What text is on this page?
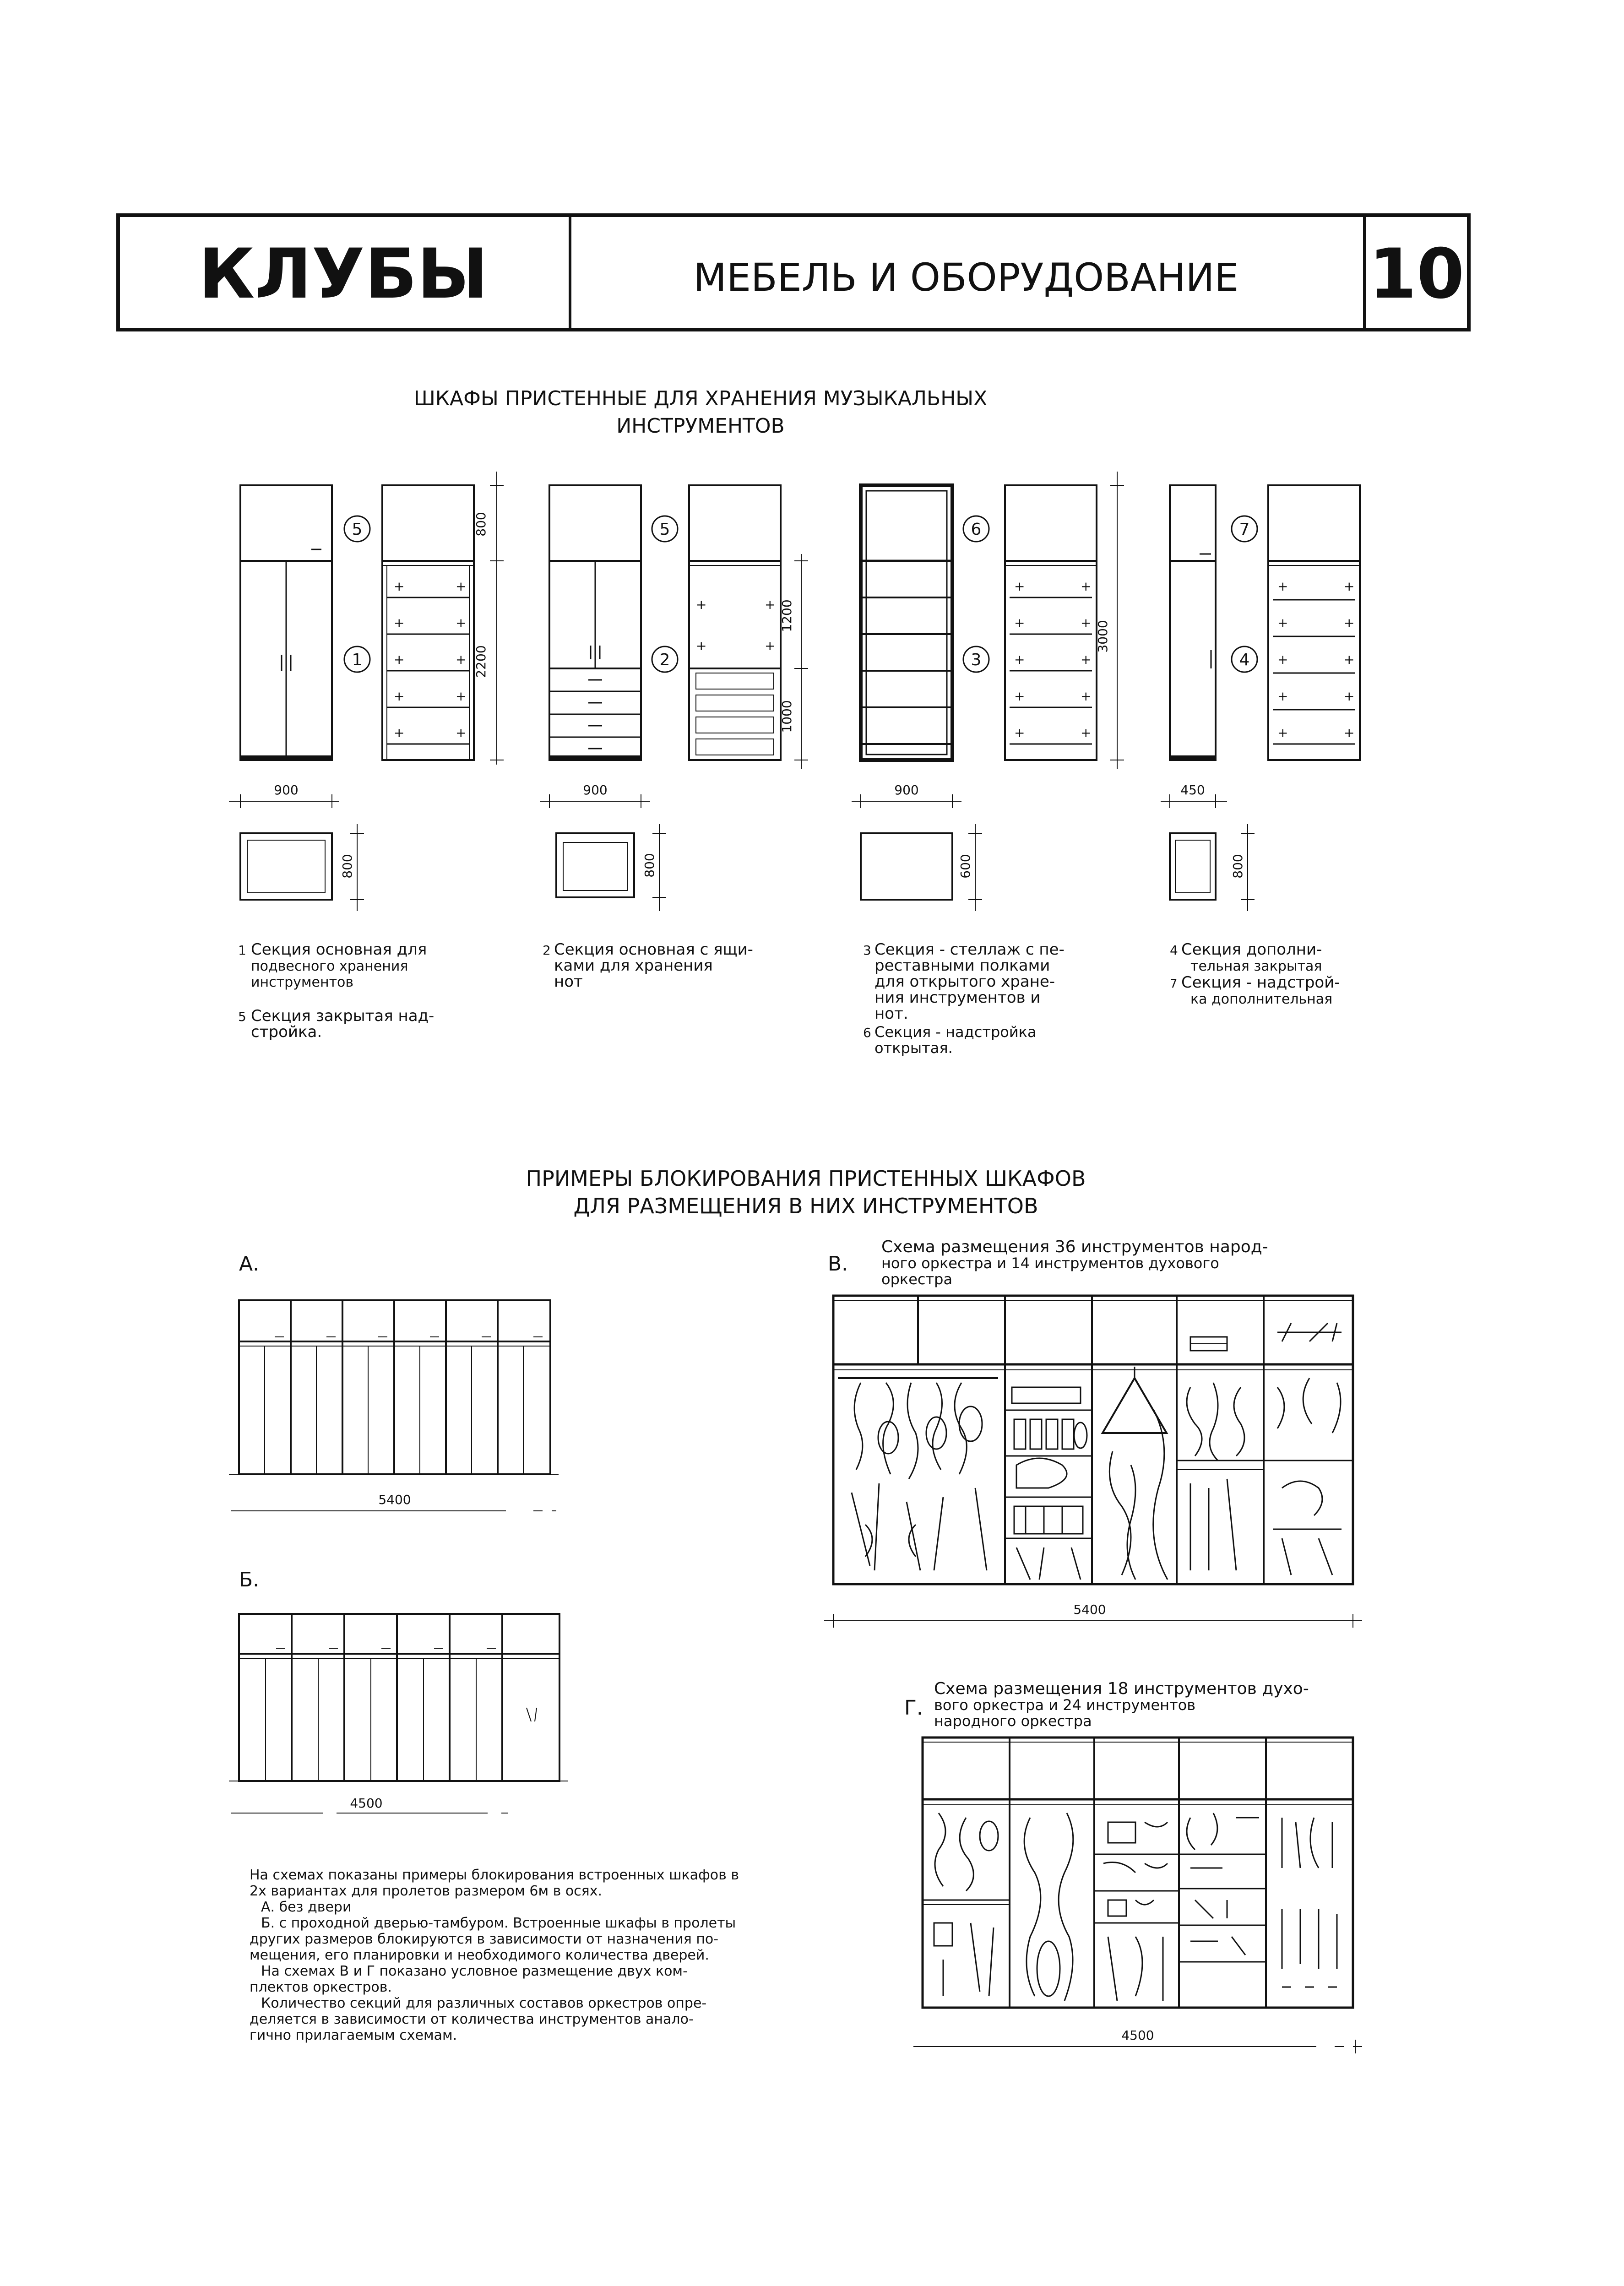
КЛУБЫ	МЕБЕЛЬ И ОБОРУДОВАНИЕ 10
ШКАФЫ ПРИСТЕННЫЕ ДЛЯ ХРАНЕНИЯ МУЗЫКАЛЬНЫХ
ИНСТРУМЕНТОВ
+	+
+	+
+	+
+	+
+	+
5
1
800
2200
900
800
1 Секция основная для
подвесного хранения
инструментов
5 Секция закрытая над-
стройка.
+	+
+	+
5
2
1200
1000
900
800
2 Секция основная с ящи-
ками для хранения
нот
+	+
+	+
+	+
+	+
+	+
6
3
3000
900
600
3 Секция - стеллаж с пе-
реставными полками
для открытого хране-
ния инструментов и
нот.
6 Секция - надстройка
открытая.
+	+
+	+
+	+
+	+
+	+
7
4
450
800
4 Секция дополни-
тельная закрытая
7 Секция - надстрой-
ка дополнительная
ПРИМЕРЫ БЛОКИРОВАНИЯ ПРИСТЕННЫХ ШКАФОВ
ДЛЯ РАЗМЕЩЕНИЯ В НИХ ИНСТРУМЕНТОВ
А.
5400
Б.
4500
На схемах показаны примеры блокирования встроенных шкафов в
2х вариантах для пролетов размером 6м в осях.
А. без двери
Б. с проходной дверью-тамбуром. Встроенные шкафы в пролеты
других размеров блокируются в зависимости от назначения по-
мещения, его планировки и необходимого количества дверей.
На схемах В и Г показано условное размещение двух ком-
плектов оркестров.
Количество секций для различных составов оркестров опре-
деляется в зависимости от количества инструментов анало-
гично прилагаемым схемам.
В.
Схема размещения 36 инструментов народ-
ного оркестра и 14 инструментов духового
оркестра
5400
Г.
Схема размещения 18 инструментов духо-
вого оркестра и 24 инструментов
народного оркестра
4500
